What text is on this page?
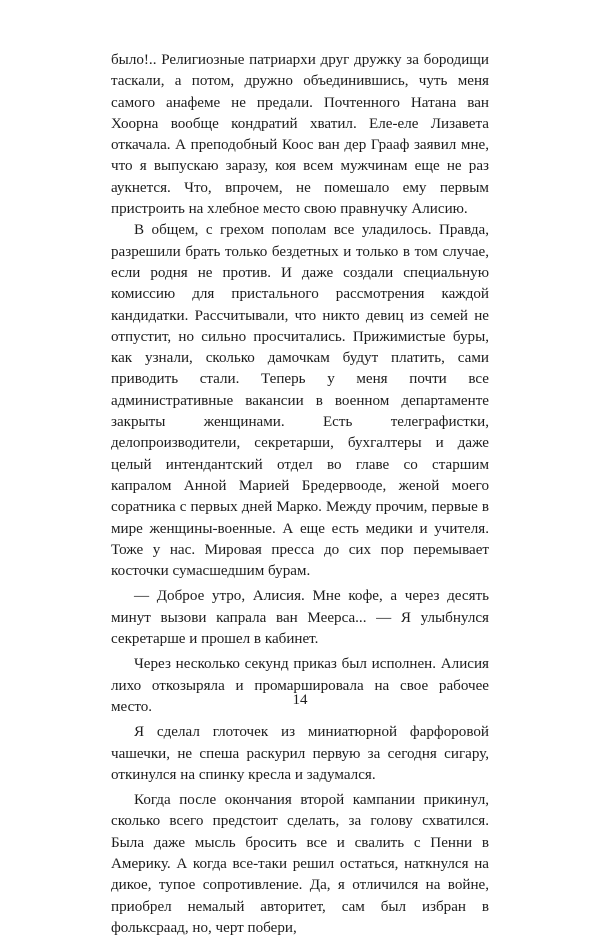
было!.. Религиозные патриархи друг дружку за бородищи таскали, а потом, дружно объединившись, чуть меня самого анафеме не предали. Почтенного Натана ван Хоорна вообще кондратий хватил. Еле-еле Лизавета откачала. А преподобный Коос ван дер Граaф заявил мне, что я выпускаю заразу, коя всем мужчинам еще не раз аукнется. Что, впрочем, не помешало ему первым пристроить на хлебное место свою правнучку Алисию.

В общем, с грехом пополам все уладилось. Правда, разрешили брать только бездетных и только в том случае, если родня не против. И даже создали специальную комиссию для пристального рассмотрения каждой кандидатки. Рассчитывали, что никто девиц из семей не отпустит, но сильно просчитались. Прижимистые буры, как узнали, сколько дамочкам будут платить, сами приводить стали. Теперь у меня почти все административные вакансии в военном департаменте закрыты женщинами. Есть телеграфистки, делопроизводители, секретарши, бухгалтеры и даже целый интендантский отдел во главе со старшим капралом Анной Марией Бредервооде, женой моего соратника с первых дней Марко. Между прочим, первые в мире женщины-военные. А еще есть медики и учителя. Тоже у нас. Мировая пресса до сих пор перемывает косточки сумасшедшим бурам.

— Доброе утро, Алисия. Мне кофе, а через десять минут вызови капрала ван Меерса... — Я улыбнулся секретарше и прошел в кабинет.

Через несколько секунд приказ был исполнен. Алисия лихо откозыряла и промаршировала на свое рабочее место.

Я сделал глоточек из миниатюрной фарфоровой чашечки, не спеша раскурил первую за сегодня сигару, откинулся на спинку кресла и задумался.

Когда после окончания второй кампании прикинул, сколько всего предстоит сделать, за голову схватился. Была даже мысль бросить все и свалить с Пенни в Америку. А когда все-таки решил остаться, наткнулся на дикое, тупое сопротивление. Да, я отличился на войне, приобрел немалый авторитет, сам был избран в фольксраад, но, черт побери,

14
